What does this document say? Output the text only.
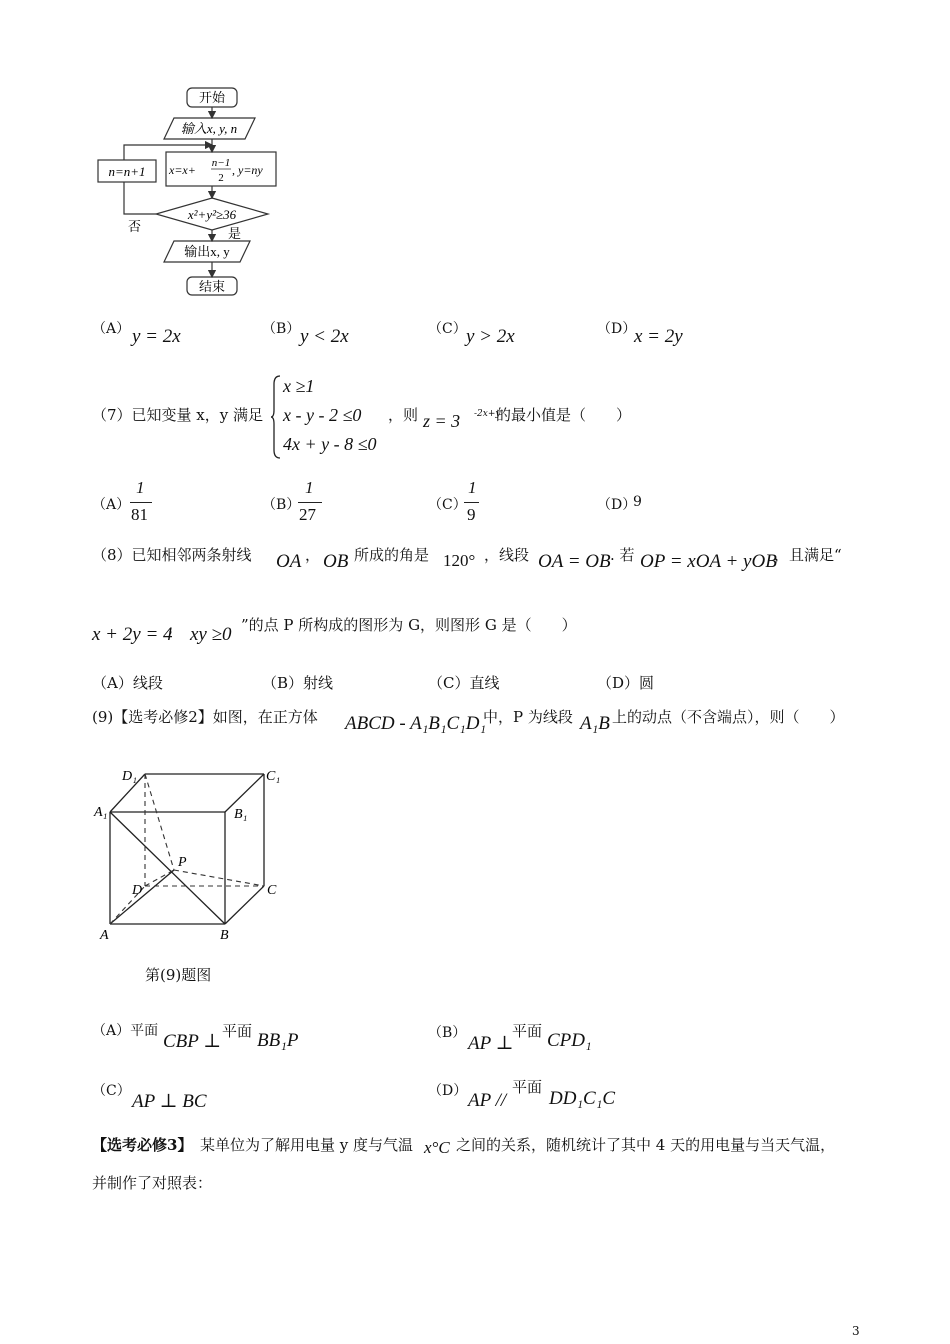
开始
输入x, y, n
n=n+1 x=x+ n−1
2
, y=ny
x²+y²≥36
否	是
输出x, y
结束
（A） y = 2x	（B） y < 2x	（C） y > 2x	（D）
x = 2y
（7）已知变量 x，y 满足
x ≥1
x - y - 2 ≤0
4x + y - 8 ≤0
，则 z = 3 -2x+y
的最小值是（　　）
（A）
1
81	（B）
1
27	（C）
1
9	（D）
9
（8）已知相邻两条射线 OA ， OB 所成的角是 120° ，线段 OA = OB . 若 OP = xOA + yOB
，且满足“
x + 2y = 4
， xy ≥0 ”的点 P 所构成的图形为 G，则图形 G 是（　　）
（A）线段	（B）射线	（C）直线	（D）圆
(9)【选考必修2】如图，在正方体 ABCD - A₁B₁C₁D₁
中，P 为线段 A₁B 上的动点（不含端点），则（　　）
D₁	C₁
A₁	B₁
P
D	C
A	B
第(9)题图
（A）平面 CBP ⊥ 平面 BB₁P	（B） AP ⊥
平面 CPD₁
（C） AP ⊥ BC	（D） AP //
平面
DD₁C₁C
【选考必修3】 某单位为了解用电量 y 度与气温 x°C 之间的关系，随机统计了其中 4 天的用电量与当天气温，
并制作了对照表：
3
